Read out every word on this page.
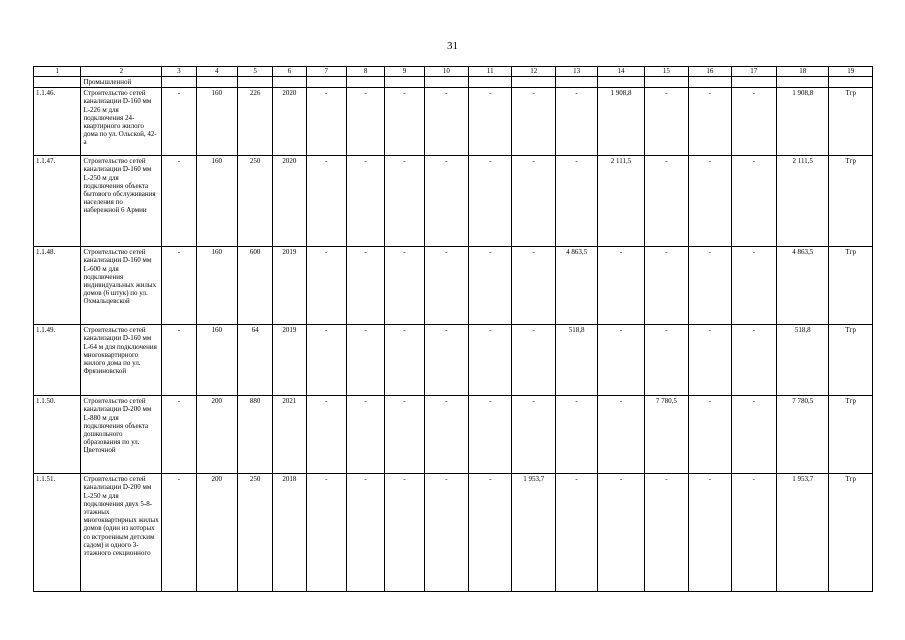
31
1	2	3	4	5	6	7	8	9	10	11	12	13	14	15	16	17	18	19
	Промышленной																	
1.1.46.	Строительство сетей канализации D-160 мм L-226 м для подключения 24-квартирного жилого дома по ул. Ольской, 42-а	-	160	226	2020	-	-	-	-	-	-	-	1 908,8	-	-	-	1 908,8	Тгр
1.1.47.	Строительство сетей канализации D-160 мм L-250 м для подключения объекта бытового обслуживания населения по набережной 6 Армии	-	160	250	2020	-	-	-	-	-	-	-	2 111,5	-	-	-	2 111,5	Тгр
1.1.48.	Строительство сетей канализации D-160 мм L-600 м для подключения индивидуальных жилых домов (6 штук) по ул. Охмальцевской	-	160	600	2019	-	-	-	-	-	-	4 863,5	-	-	-	-	4 863,5	Тгр
1.1.49.	Строительство сетей канализации D-160 мм L-64 м для подключения многоквартирного жилого дома по ул. Фрязиновской	-	160	64	2019	-	-	-	-	-	-	518,8	-	-	-	-	518,8	Тгр
1.1.50.	Строительство сетей канализации D-200 мм L-880 м для подключения объекта дошкольного образования по ул. Цветочной	-	200	880	2021	-	-	-	-	-	-	-	-	7 780,5	-	-	7 780,5	Тгр
1.1.51.	Строительство сетей канализации D-200 мм L-250 м для подключения двух 5-8-этажных многоквартирных жилых домов (один из которых со встроенным детским садом) и одного 3-этажного секционного	-	200	250	2018	-	-	-	-	-	1 953,7	-	-	-	-	-	1 953,7	Тгр
